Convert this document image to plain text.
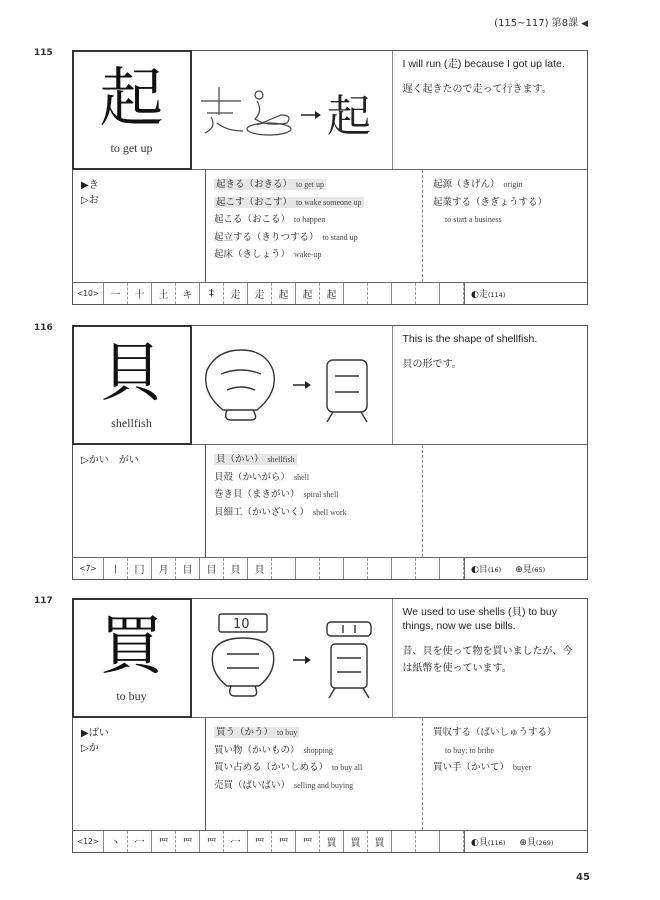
(115~117) 第8課 ◀
115
起
to get up
起
I will run (走) because I got up late.
遅く起きたので走って行きます。
▶き
▷お
起きる（おきる） to get up
起こす（おこす） to wake someone up
起こる（おこる） to happen
起立する（きりつする） to stand up
起床（きしょう） wake-up
起源（きげん） origin
起業する（きぎょうする）
to start a business
<10>	一	十	土	キ	‡	走	走	起	起	起	◐走(114)
116
貝
shellfish
This is the shape of shellfish.
貝の形です。
▷かい　がい	貝（かい） shellfish
貝殻（かいがら） shell
巻き貝（まきがい） spiral shell
貝細工（かいざいく） shell work
<7>	丨	冂	月	目	目	貝	貝	◐目(16) ⊕見(65)
117
買
to buy
10
We used to use shells (貝) to buy things, now we use bills.
昔、貝を使って物を買いましたが、今は紙幣を使っています。
▶ばい
▷か
買う（かう） to buy
買い物（かいもの） shopping
買い占める（かいしめる） to buy all
売買（ばいばい） selling and buying
買収する（ばいしゅうする）
to buy; to bribe
買い手（かいて） buyer
<12>	丶	冖	罒	罒	罒	冖	罒	罒	罒	買	買	買	◐貝(116) ⊕貝(269)
45
